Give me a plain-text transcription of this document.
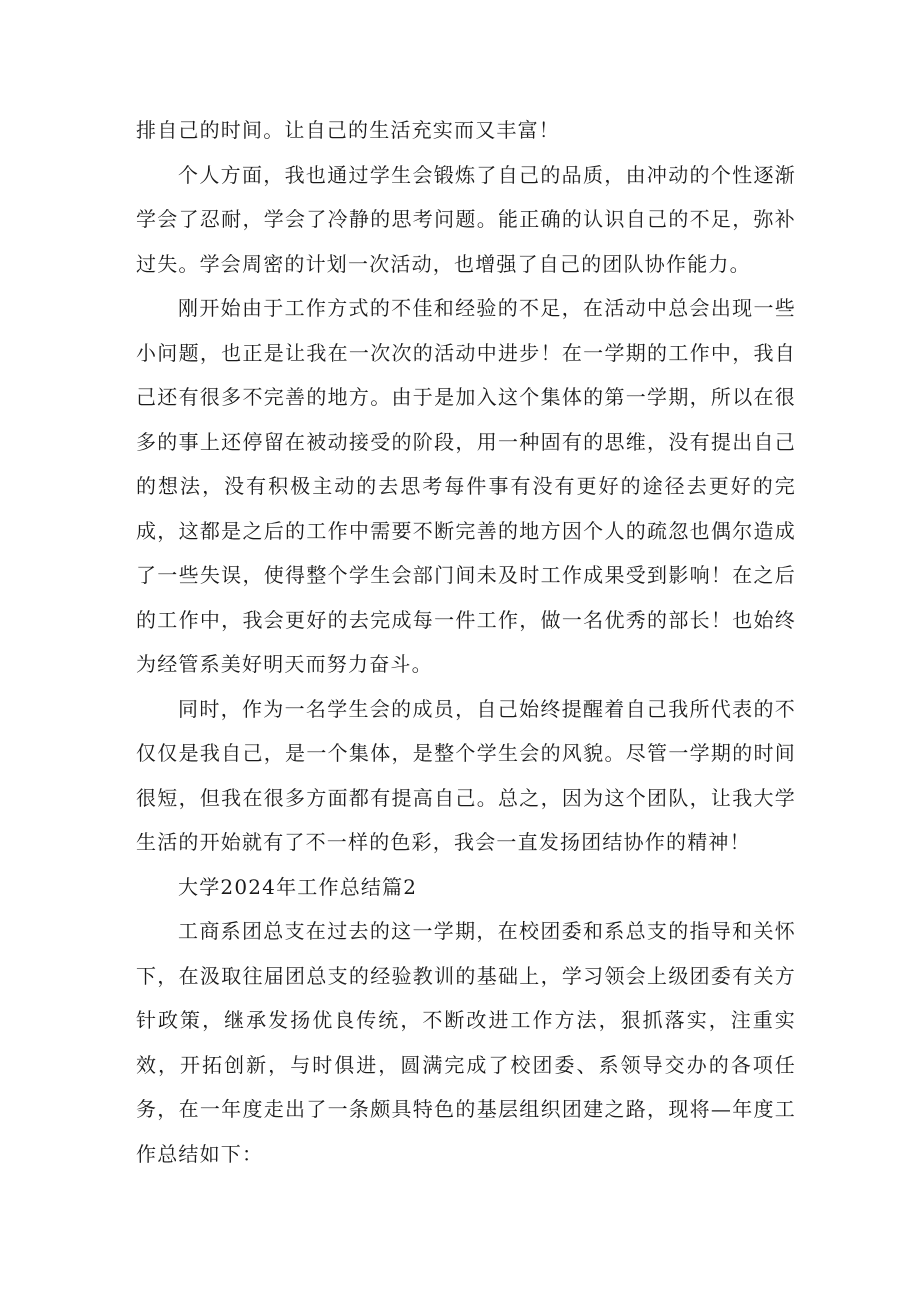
排自己的时间。让自己的生活充实而又丰富！

个人方面，我也通过学生会锻炼了自己的品质，由冲动的个性逐渐学会了忍耐，学会了冷静的思考问题。能正确的认识自己的不足，弥补过失。学会周密的计划一次活动，也增强了自己的团队协作能力。

刚开始由于工作方式的不佳和经验的不足，在活动中总会出现一些小问题，也正是让我在一次次的活动中进步！在一学期的工作中，我自己还有很多不完善的地方。由于是加入这个集体的第一学期，所以在很多的事上还停留在被动接受的阶段，用一种固有的思维，没有提出自己的想法，没有积极主动的去思考每件事有没有更好的途径去更好的完成，这都是之后的工作中需要不断完善的地方因个人的疏忽也偶尔造成了一些失误，使得整个学生会部门间未及时工作成果受到影响！在之后的工作中，我会更好的去完成每一件工作，做一名优秀的部长！也始终为经管系美好明天而努力奋斗。

同时，作为一名学生会的成员，自己始终提醒着自己我所代表的不仅仅是我自己，是一个集体，是整个学生会的风貌。尽管一学期的时间很短，但我在很多方面都有提高自己。总之，因为这个团队，让我大学生活的开始就有了不一样的色彩，我会一直发扬团结协作的精神！

大学2024年工作总结篇2

工商系团总支在过去的这一学期，在校团委和系总支的指导和关怀下，在汲取往届团总支的经验教训的基础上，学习领会上级团委有关方针政策，继承发扬优良传统，不断改进工作方法，狠抓落实，注重实效，开拓创新，与时俱进，圆满完成了校团委、系领导交办的各项任务，在一年度走出了一条颇具特色的基层组织团建之路，现将—年度工作总结如下：
